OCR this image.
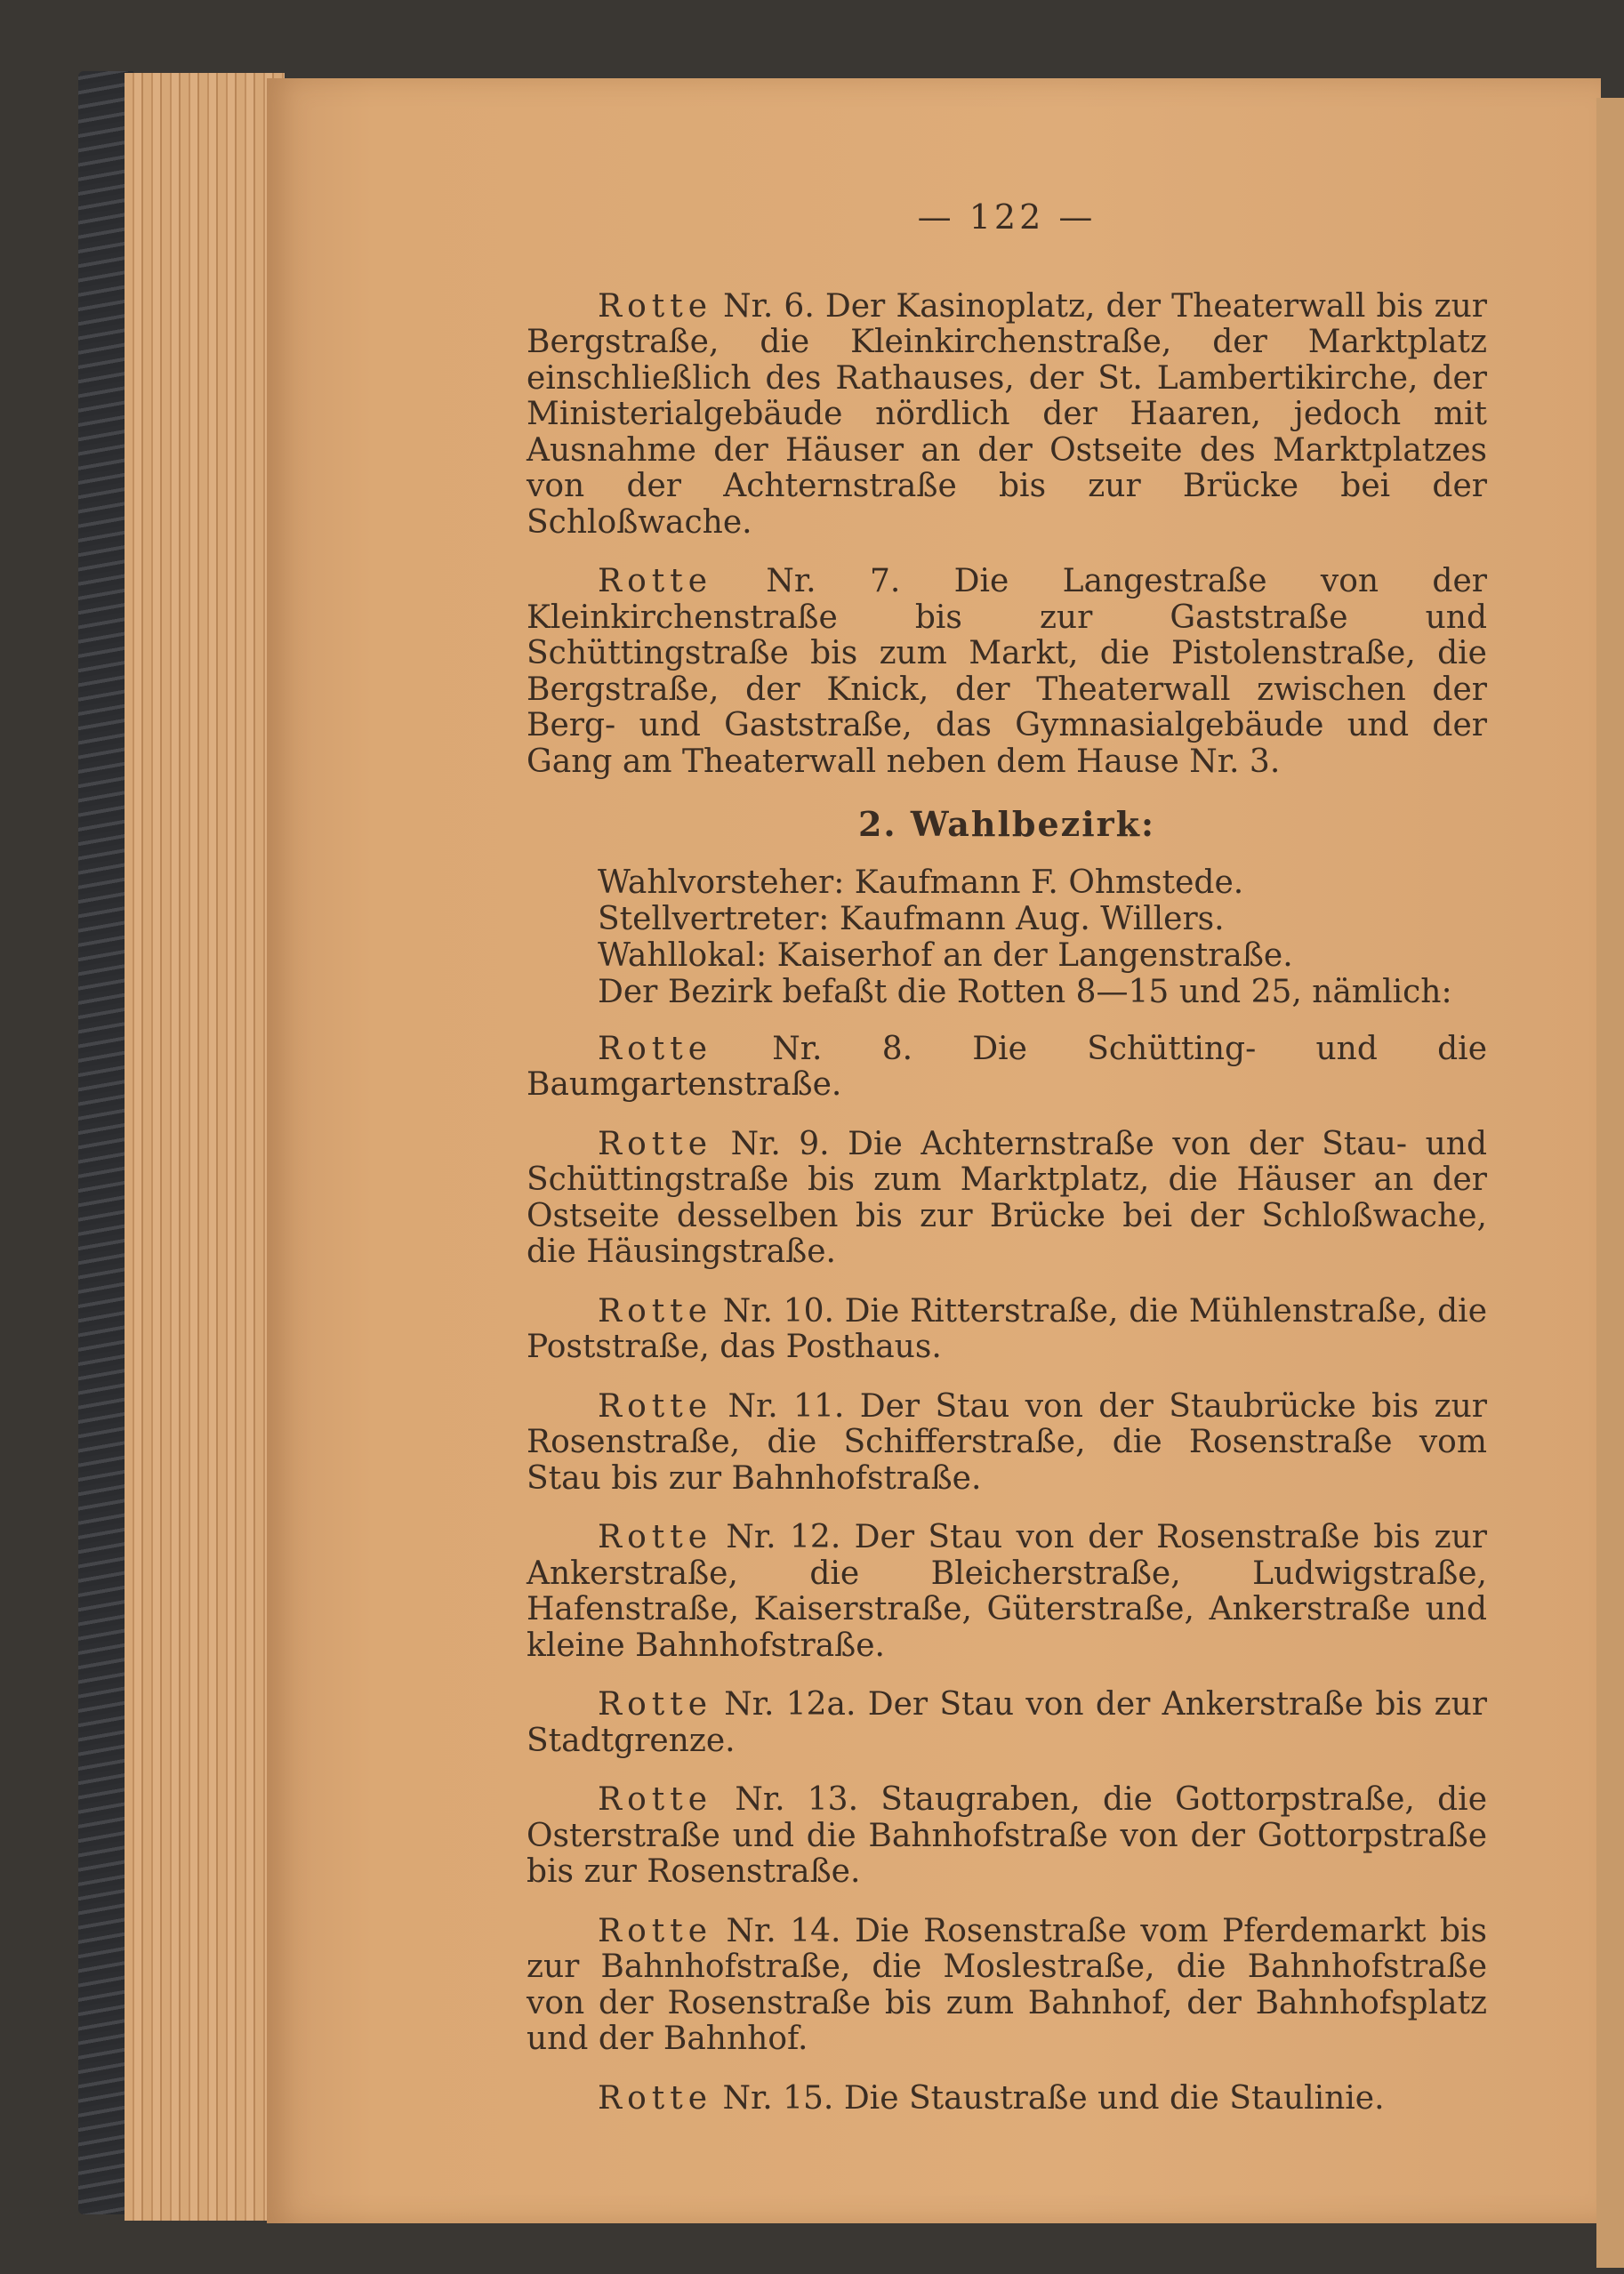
— 122 —

Rotte Nr. 6. Der Kasinoplatz, der Theaterwall bis zur Bergstraße, die Kleinkirchenstraße, der Marktplatz einschließlich des Rathauses, der St. Lambertikirche, der Ministerialgebäude nördlich der Haaren, jedoch mit Ausnahme der Häuser an der Ostseite des Marktplatzes von der Achternstraße bis zur Brücke bei der Schloßwache.

Rotte Nr. 7. Die Langestraße von der Kleinkirchenstraße bis zur Gaststraße und Schüttingstraße bis zum Markt, die Pistolenstraße, die Bergstraße, der Knick, der Theaterwall zwischen der Berg- und Gaststraße, das Gymnasialgebäude und der Gang am Theaterwall neben dem Hause Nr. 3.

2. Wahlbezirk:
Wahlvorsteher: Kaufmann F. Ohmstede.
Stellvertreter: Kaufmann Aug. Willers.
Wahllokal: Kaiserhof an der Langenstraße.
Der Bezirk befaßt die Rotten 8—15 und 25, nämlich:

Rotte Nr. 8. Die Schütting- und die Baumgartenstraße.

Rotte Nr. 9. Die Achternstraße von der Stau- und Schüttingstraße bis zum Marktplatz, die Häuser an der Ostseite desselben bis zur Brücke bei der Schloßwache, die Häusingstraße.

Rotte Nr. 10. Die Ritterstraße, die Mühlenstraße, die Poststraße, das Posthaus.

Rotte Nr. 11. Der Stau von der Staubrücke bis zur Rosenstraße, die Schifferstraße, die Rosenstraße vom Stau bis zur Bahnhofstraße.

Rotte Nr. 12. Der Stau von der Rosenstraße bis zur Ankerstraße, die Bleicherstraße, Ludwigstraße, Hafenstraße, Kaiserstraße, Güterstraße, Ankerstraße und kleine Bahnhofstraße.

Rotte Nr. 12a. Der Stau von der Ankerstraße bis zur Stadtgrenze.

Rotte Nr. 13. Staugraben, die Gottorpstraße, die Osterstraße und die Bahnhofstraße von der Gottorpstraße bis zur Rosenstraße.

Rotte Nr. 14. Die Rosenstraße vom Pferdemarkt bis zur Bahnhofstraße, die Moslestraße, die Bahnhofstraße von der Rosenstraße bis zum Bahnhof, der Bahnhofsplatz und der Bahnhof.

Rotte Nr. 15. Die Staustraße und die Staulinie.
